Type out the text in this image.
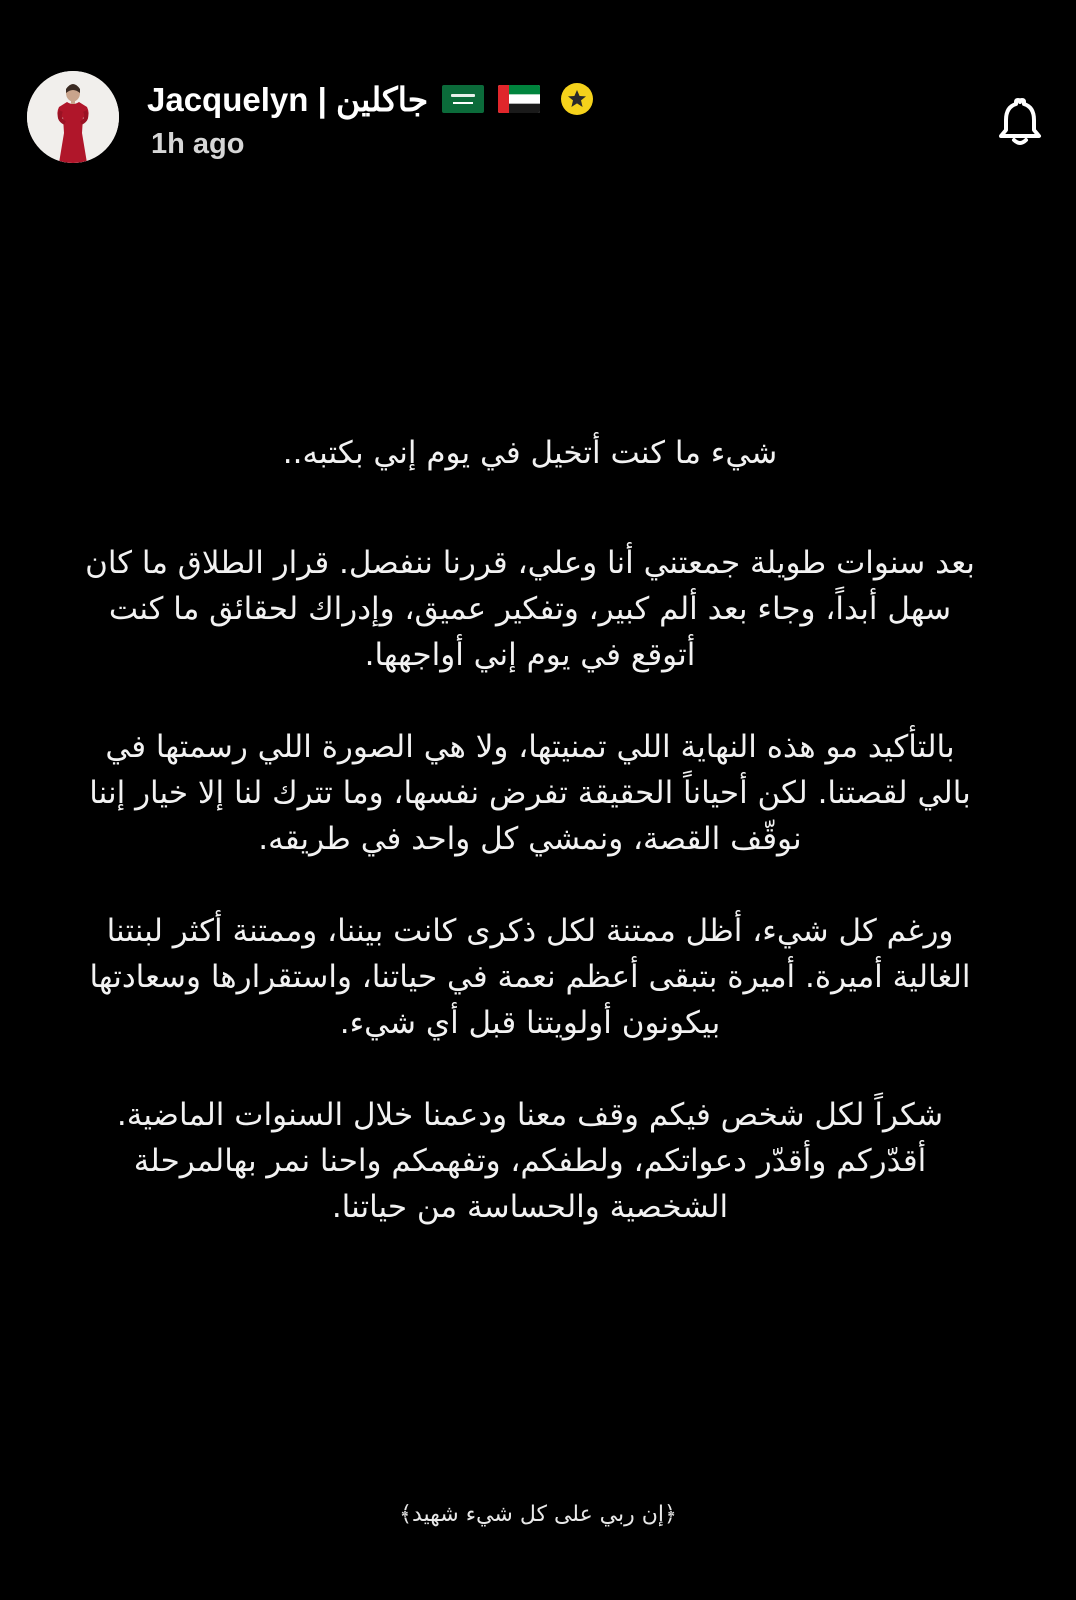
Jacquelyn | جاكلين
1h ago

شيء ما كنت أتخيل في يوم إني بكتبه..

بعد سنوات طويلة جمعتني أنا وعلي، قررنا ننفصل. قرار الطلاق ما كان سهل أبداً، وجاء بعد ألم كبير، وتفكير عميق، وإدراك لحقائق ما كنت أتوقع في يوم إني أواجهها.

بالتأكيد مو هذه النهاية اللي تمنيتها، ولا هي الصورة اللي رسمتها في بالي لقصتنا. لكن أحياناً الحقيقة تفرض نفسها، وما تترك لنا إلا خيار إننا نوقّف القصة، ونمشي كل واحد في طريقه.

ورغم كل شيء، أظل ممتنة لكل ذكرى كانت بيننا، وممتنة أكثر لبنتنا الغالية أميرة. أميرة بتبقى أعظم نعمة في حياتنا، واستقرارها وسعادتها بيكونون أولويتنا قبل أي شيء.

شكراً لكل شخص فيكم وقف معنا ودعمنا خلال السنوات الماضية. أقدّركم وأقدّر دعواتكم، ولطفكم، وتفهمكم واحنا نمر بهالمرحلة الشخصية والحساسة من حياتنا.

﴿إن ربي على كل شيء شهيد﴾
